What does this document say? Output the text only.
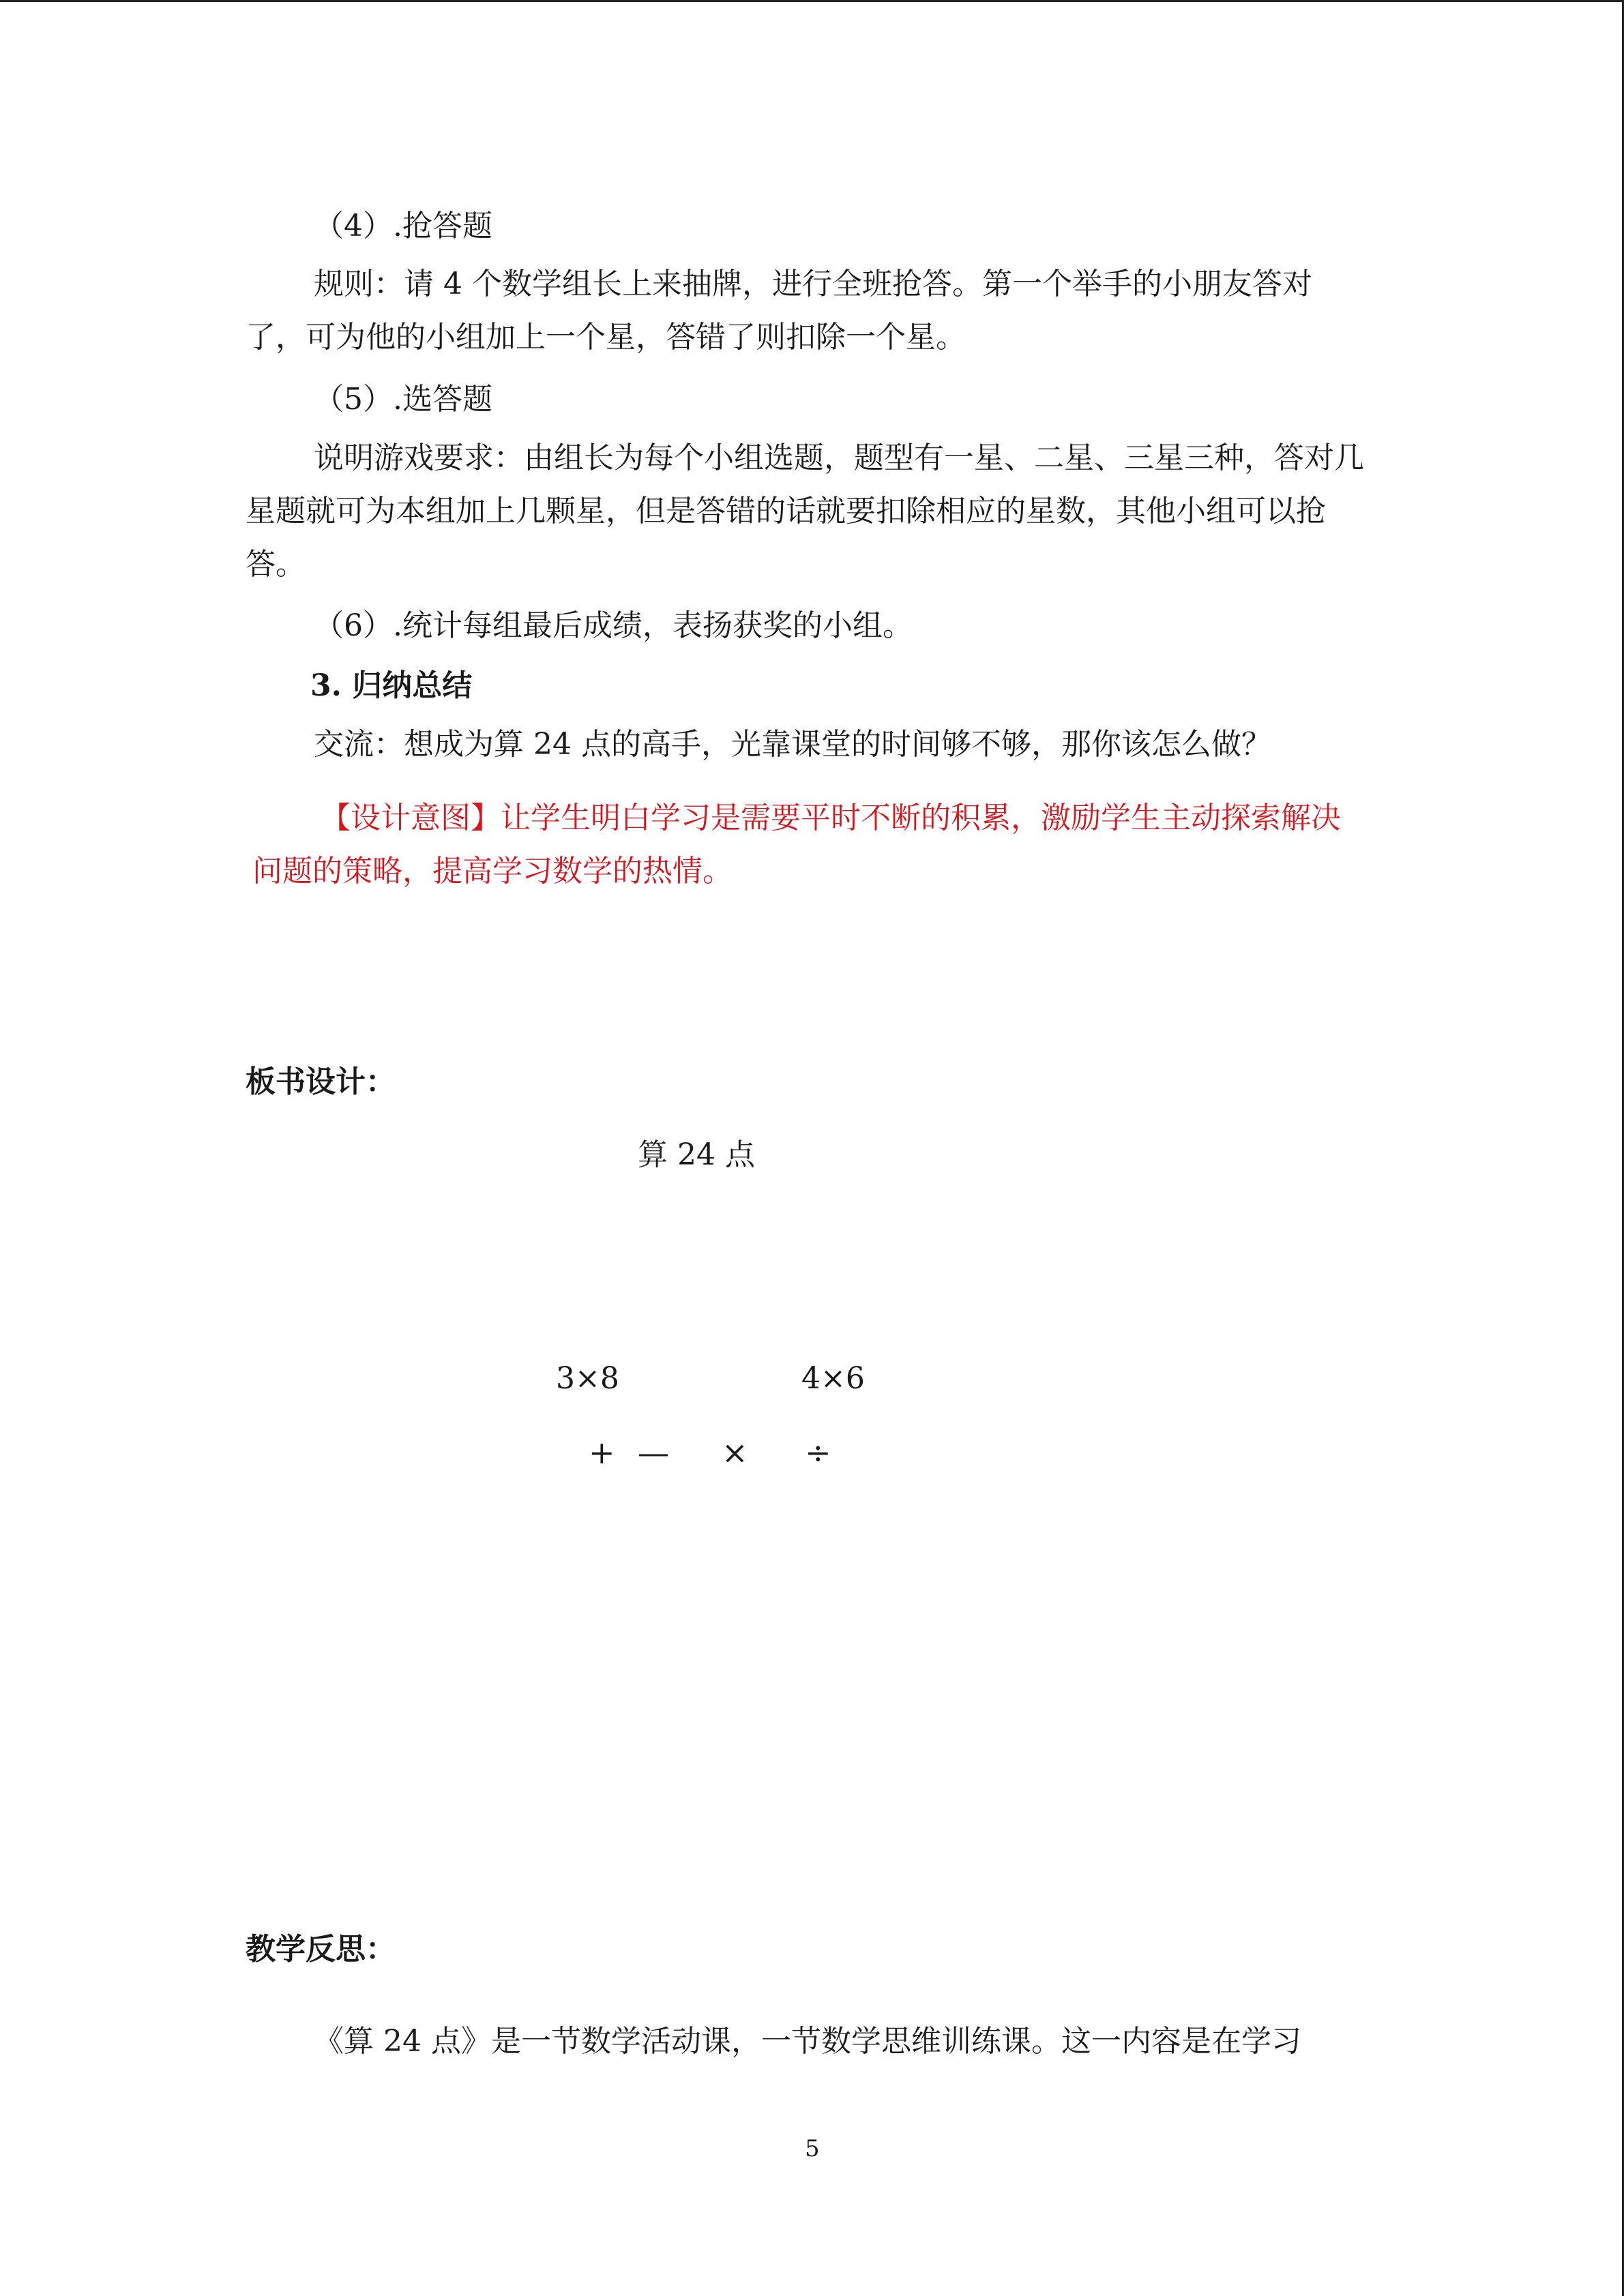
（4）.抢答题
规则：请 4 个数学组长上来抽牌，进行全班抢答。第一个举手的小朋友答对了，可为他的小组加上一个星，答错了则扣除一个星。
（5）.选答题
说明游戏要求：由组长为每个小组选题，题型有一星、二星、三星三种，答对几星题就可为本组加上几颗星，但是答错的话就要扣除相应的星数，其他小组可以抢答。
（6）.统计每组最后成绩，表扬获奖的小组。
3. 归纳总结
交流：想成为算 24 点的高手，光靠课堂的时间够不够，那你该怎么做？
【设计意图】让学生明白学习是需要平时不断的积累，激励学生主动探索解决问题的策略，提高学习数学的热情。
板书设计：
算 24 点
3×8	4×6
+ — × ÷
教学反思：
《算 24 点》是一节数学活动课，一节数学思维训练课。这一内容是在学习
5
